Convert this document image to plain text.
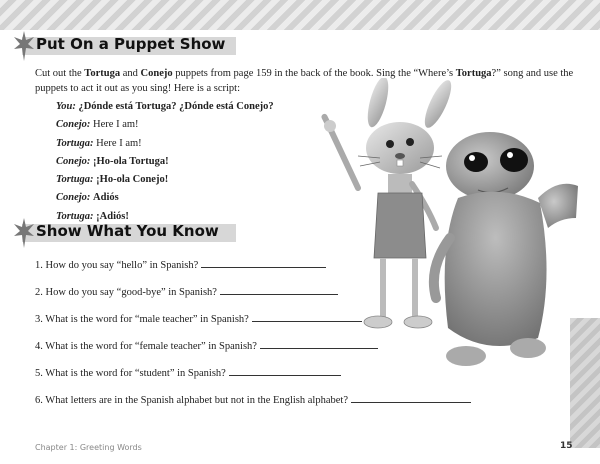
Put On a Puppet Show
Cut out the Tortuga and Conejo puppets from page 159 in the back of the book. Sing the “Where’s Tortuga?” song and use the puppets to act it out as you sing! Here is a script:
You: ¿Dónde está Tortuga? ¿Dónde está Conejo?
Conejo: Here I am!
Tortuga: Here I am!
Conejo: ¡Ho-ola Tortuga!
Tortuga: ¡Ho-ola Conejo!
Conejo: Adiós
Tortuga: ¡Adiós!
Show What You Know
1. How do you say “hello” in Spanish?
2. How do you say “good-bye” in Spanish?
3. What is the word for “male teacher” in Spanish?
4. What is the word for “female teacher” in Spanish?
5. What is the word for “student” in Spanish?
6. What letters are in the Spanish alphabet but not in the English alphabet?
Chapter 1: Greeting Words	15
